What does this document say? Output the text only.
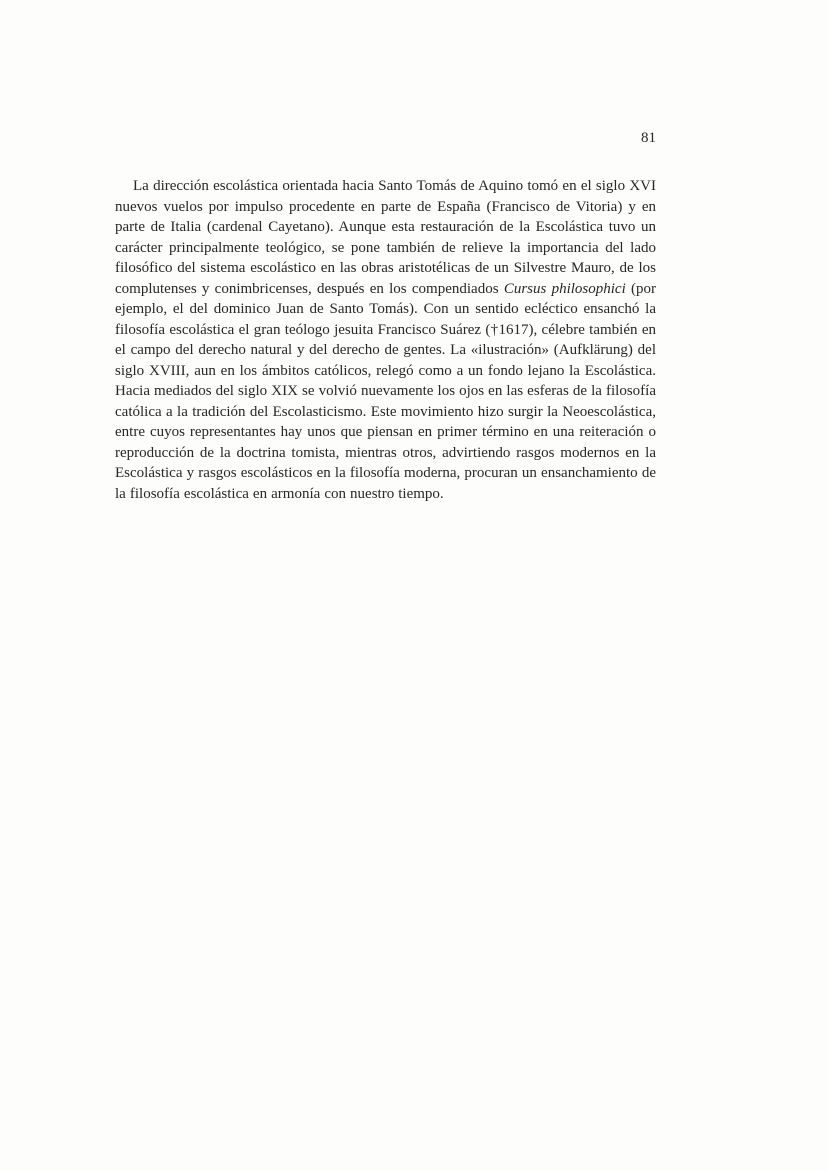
81

La dirección escolástica orientada hacia Santo Tomás de Aquino tomó en el siglo XVI nuevos vuelos por impulso procedente en parte de España (Francisco de Vitoria) y en parte de Italia (cardenal Cayetano). Aunque esta restauración de la Escolástica tuvo un carácter principalmente teológico, se pone también de relieve la importancia del lado filosófico del sistema escolástico en las obras aristotélicas de un Silvestre Mauro, de los complutenses y conimbricenses, después en los compendiados Cursus philosophici (por ejemplo, el del dominico Juan de Santo Tomás). Con un sentido ecléctico ensanchó la filosofía escolástica el gran teólogo jesuita Francisco Suárez (†1617), célebre también en el campo del derecho natural y del derecho de gentes. La «ilustración» (Aufklärung) del siglo XVIII, aun en los ámbitos católicos, relegó como a un fondo lejano la Escolástica. Hacia mediados del siglo XIX se volvió nuevamente los ojos en las esferas de la filosofía católica a la tradición del Escolasticismo. Este movimiento hizo surgir la Neoescolástica, entre cuyos representantes hay unos que piensan en primer término en una reiteración o reproducción de la doctrina tomista, mientras otros, advirtiendo rasgos modernos en la Escolástica y rasgos escolásticos en la filosofía moderna, procuran un ensanchamiento de la filosofía escolástica en armonía con nuestro tiempo.
